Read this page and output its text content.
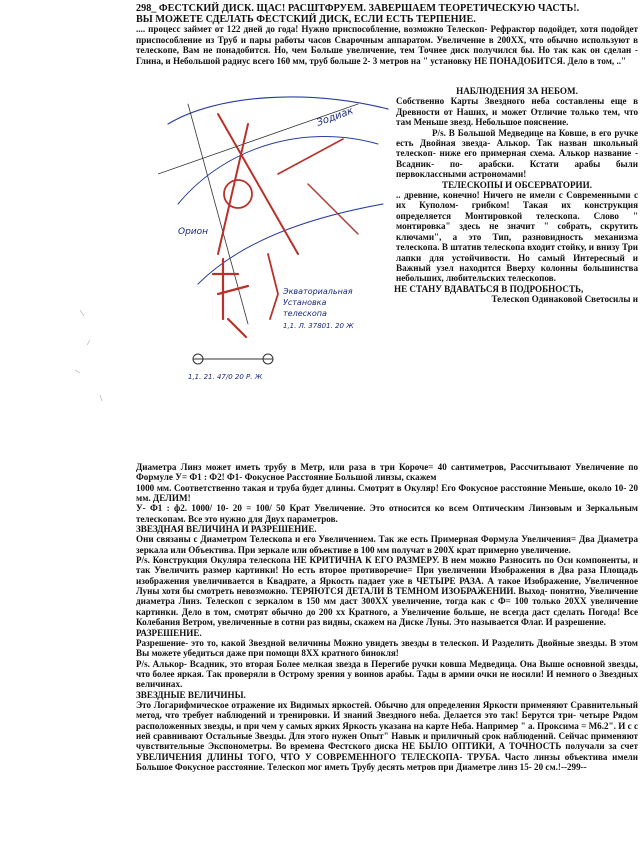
298_ ФЕСТСКИЙ ДИСК. ЩАС! РАСШТФРУЕМ. ЗАВЕРШАЕМ ТЕОРЕТИЧЕСКУЮ ЧАСТЬ!.
ВЫ МОЖЕТЕ СДЕЛАТЬ ФЕСТСКИЙ ДИСК, ЕСЛИ ЕСТЬ ТЕРПЕНИЕ.

.... процесс займет от 122 дней до года! Нужно приспособление, возможно Телескоп- Рефрактор подойдет, хотя подойдет приспособление из Труб и пары работы часов Сварочным аппаратом. Увеличение в 200ХХ, что обычно используют в телескопе, Вам не понадобится. Но, чем Больше увеличение, тем Точнее диск получился бы. Но так как он сделан - Глина, и Небольшой радиус всего 160 мм, труб больше 2- 3 метров на " установку НЕ ПОНАДОБИТСЯ. Дело в том, .."

Орион
Зодиак
Экваториальная
Установка
телескопа
1,1. Л. 37801. 20 Ж
1,1. 21. 47/0 20 Р. Ж

НАБЛЮДЕНИЯ ЗА НЕБОМ.

Собственно Карты Звездного неба составлены еще в Древности от Наших, и может Отличие только тем, что там Меньше звезд. Небольшое пояснение.

P/s. В Большой Медведице на Ковше, в его ручке есть Двойная звезда- Алькор. Так назван школьный телескоп- ниже его примерная схема. Алькор название - Всадник- по- арабски. Кстати арабы были первоклассными астрономами!

ТЕЛЕСКОПЫ И ОБСЕРВАТОРИИ.

.. древние, конечно! Ничего не имели с Современными с их Куполом- грибком! Такая их конструкция определяется Монтировкой телескопа. Слово " монтировка" здесь не значит " собрать, скрутить ключами", а это Тип, разновидность механизма телескопа. В штатив телескопа входит стойку, и внизу Три лапки для устойчивости. Но самый Интересный и Важный узел находится Вверху колонны большинства небольших, любительских телескопов.

НЕ СТАНУ ВДАВАТЬСЯ В ПОДРОБНОСТЬ,

Телескоп Одинаковой Светосилы и

Диаметра Линз может иметь трубу в Метр, или раза в три Короче= 40 сантиметров, Рассчитывают Увеличение по Формуле У= Ф1 : Ф2! Ф1- Фокусное Расстояние Большой линзы, скажем

1000 мм. Соответственно такая и труба будет длины. Смотрят в Окуляр! Его Фокусное расстояние Меньше, около 10- 20 мм. ДЕЛИМ!

У- Ф1 : ф2. 1000/ 10- 20 = 100/ 50 Крат Увеличение. Это относится ко всем Оптическим Линзовым и Зеркальным телескопам. Все это нужно для Двух параметров.

ЗВЕЗДНАЯ ВЕЛИЧИНА И РАЗРЕШЕНИЕ.

Они связаны с Диаметром Телескопа и его Увеличением. Так же есть Примерная Формула Увеличения= Два Диаметра зеркала или Объектива. При зеркале или объективе в 100 мм получат в 200Х крат примерно увеличение.

P/s. Конструкция Окуляра телескопа НЕ КРИТИЧНА К ЕГО РАЗМЕРУ. В нем можно Разносить по Оси компоненты, и так Увеличить размер картинки! Но есть второе противоречие= При увеличении Изображения в Два раза Площадь изображения увеличивается в Квадрате, а Яркость падает уже в ЧЕТЫРЕ РАЗА. А такое Изображение, Увеличенное Луны хотя бы смотреть невозможно. ТЕРЯЮТСЯ ДЕТАЛИ В ТЕМНОМ ИЗОБРАЖЕНИИ. Выход- понятно, Увеличение диаметра Линз. Телескоп с зеркалом в 150 мм даст 300ХХ увеличение, тогда как с Ф= 100 только 20ХХ увеличение картинки. Дело в том, смотрят обычно до 200 хх Кратного, а Увеличение больше, не всегда даст сделать Погода! Все Колебания Ветром, увеличенные в сотни раз видны, скажем на Диске Луны. Это называется Флаг. И разрешение.

РАЗРЕШЕНИЕ.

Разрешение- это то, какой Звездной величины Можно увидеть звезды в телескоп. И Разделить Двойные звезды. В этом Вы можете убедиться даже при помощи 8ХХ кратного бинокля!

P/s. Алькор- Всадник, это вторая Более мелкая звезда в Перегибе ручки ковша Медведица. Она Выше основной звезды, что более яркая. Так проверяли в Острому зрения у воинов арабы. Тады в армии очки не носили! И немного о Звездных величинах.

ЗВЕЗДНЫЕ ВЕЛИЧИНЫ.

Это Логарифмическое отражение их Видимых яркостей. Обычно для определения Яркости применяют Сравнительный метод, что требует наблюдений и тренировки. И знаний Звездного неба. Делается это так! Берутся три- четыре Рядом расположенных звезды, и при чем у самых ярких Яркость указана на карте Неба. Например " а. Проксима = М6.2". И с с ней сравнивают Остальные Звезды. Для этого нужен Опыт" Навык и приличный срок наблюдений. Сейчас применяют чувствительные Экспонометры. Во времена Фестского диска НЕ БЫЛО ОПТИКИ, А ТОЧНОСТЬ получали за счет УВЕЛИЧЕНИЯ ДЛИНЫ ТОГО, ЧТО У СОВРЕМЕННОГО ТЕЛЕСКОПА- ТРУБА. Часто линзы объектива имели Большое Фокусное расстояние. Телескоп мог иметь Трубу десять метров при Диаметре линз 15- 20 см.!--299--
